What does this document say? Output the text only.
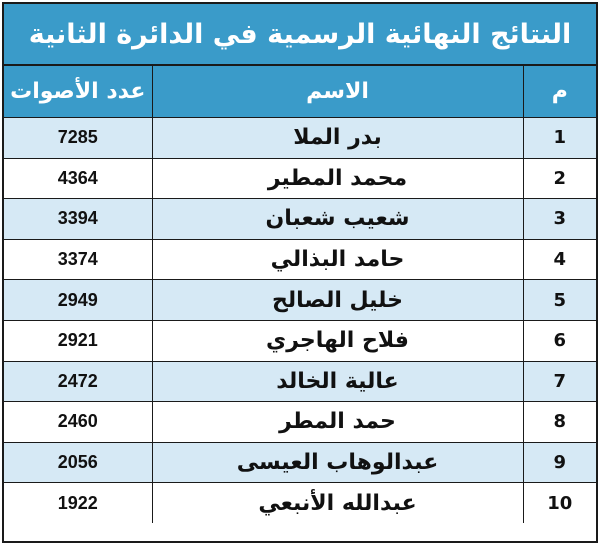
النتائج النهائية الرسمية في الدائرة الثانية
م	الاسم	عدد الأصوات
1	بدر الملا	7285
2	محمد المطير	4364
3	شعيب شعبان	3394
4	حامد البذالي	3374
5	خليل الصالح	2949
6	فلاح الهاجري	2921
7	عالية الخالد	2472
8	حمد المطر	2460
9	عبدالوهاب العيسى	2056
10	عبدالله الأنبعي	1922
